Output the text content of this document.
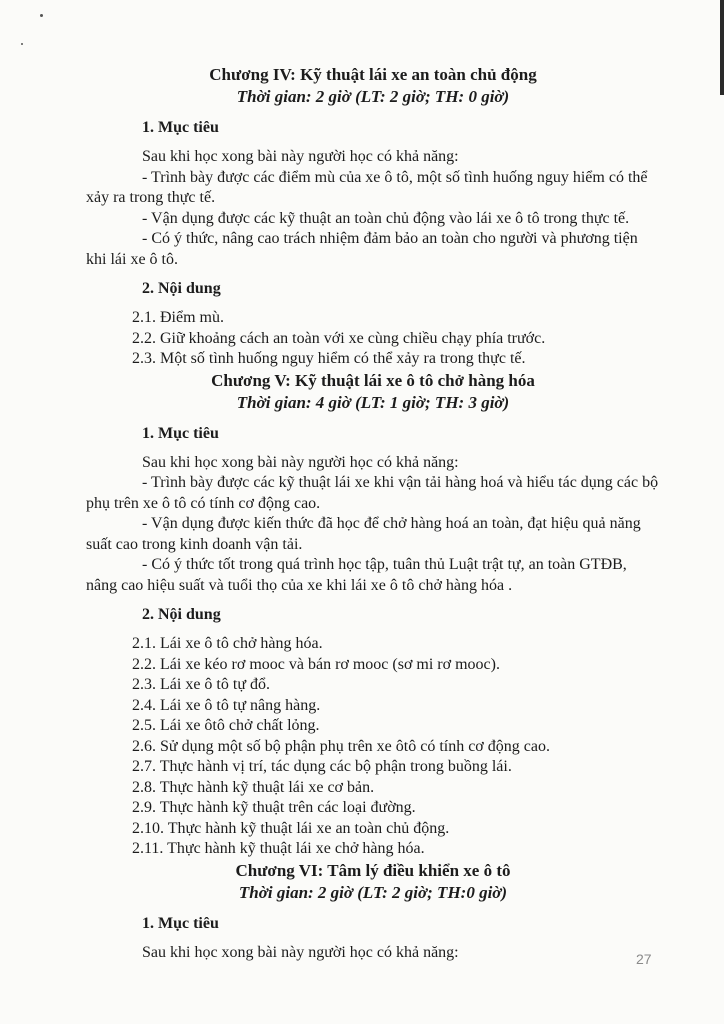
Chương IV: Kỹ thuật lái xe an toàn chủ động

Thời gian: 2 giờ (LT: 2 giờ; TH: 0 giờ)

1. Mục tiêu

Sau khi học xong bài này người học có khả năng:

- Trình bày được các điểm mù của xe ô tô, một số tình huống nguy hiểm có thể xảy ra trong thực tế.

- Vận dụng được các kỹ thuật an toàn chủ động vào lái xe ô tô trong thực tế.

- Có ý thức, nâng cao trách nhiệm đảm bảo an toàn cho người và phương tiện khi lái xe ô tô.

2. Nội dung

2.1. Điểm mù.

2.2. Giữ khoảng cách an toàn với xe cùng chiều chạy phía trước.

2.3. Một số tình huống nguy hiểm có thể xảy ra trong thực tế.

Chương V: Kỹ thuật lái xe ô tô chở hàng hóa

Thời gian: 4 giờ (LT: 1 giờ; TH: 3 giờ)

1. Mục tiêu

Sau khi học xong bài này người học có khả năng:

- Trình bày được các kỹ thuật lái xe khi vận tải hàng hoá và hiểu tác dụng các bộ phụ trên xe ô tô có tính cơ động cao.

- Vận dụng được kiến thức đã học để chở hàng hoá an toàn, đạt hiệu quả năng suất cao trong kinh doanh vận tải.

- Có ý thức tốt trong quá trình học tập, tuân thủ Luật trật tự, an toàn GTĐB, nâng cao hiệu suất và tuổi thọ của xe khi lái xe ô tô chở hàng hóa .

2. Nội dung

2.1. Lái xe ô tô chở hàng hóa.

2.2. Lái xe kéo rơ mooc và bán rơ mooc (sơ mi rơ mooc).

2.3. Lái xe ô tô tự đổ.

2.4. Lái xe ô tô tự nâng hàng.

2.5. Lái xe ôtô chở chất lỏng.

2.6. Sử dụng một số bộ phận phụ trên xe ôtô có tính cơ động cao.

2.7. Thực hành vị trí, tác dụng các bộ phận trong buồng lái.

2.8. Thực hành kỹ thuật lái xe cơ bản.

2.9. Thực hành kỹ thuật trên các loại đường.

2.10. Thực hành kỹ thuật lái xe an toàn chủ động.

2.11. Thực hành kỹ thuật lái xe chở hàng hóa.

Chương VI: Tâm lý điều khiển xe ô tô

Thời gian: 2 giờ (LT: 2 giờ; TH:0 giờ)

1. Mục tiêu

Sau khi học xong bài này người học có khả năng:	27
